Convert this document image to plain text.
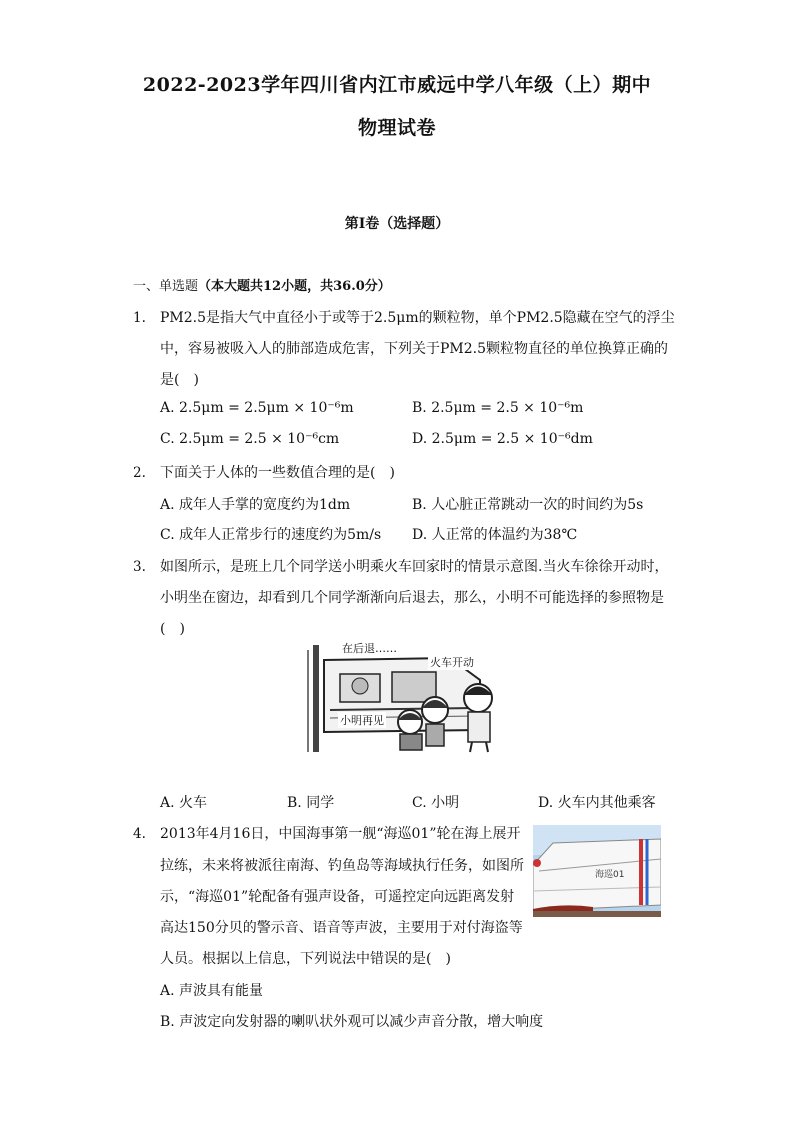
2022-2023学年四川省内江市威远中学八年级（上）期中
物理试卷
第I卷（选择题）
一、单选题（本大题共12小题，共36.0分）
1. PM2.5是指大气中直径小于或等于2.5μm的颗粒物，单个PM2.5隐藏在空气的浮尘
中，容易被吸入人的肺部造成危害，下列关于PM2.5颗粒物直径的单位换算正确的
是(　)
A. 2.5μm = 2.5μm × 10⁻⁶m	B. 2.5μm = 2.5 × 10⁻⁶m
C. 2.5μm = 2.5 × 10⁻⁶cm	D. 2.5μm = 2.5 × 10⁻⁶dm
2. 下面关于人体的一些数值合理的是(　)
A. 成年人手掌的宽度约为1dm	B. 人心脏正常跳动一次的时间约为5s
C. 成年人正常步行的速度约为5m/s D. 人正常的体温约为38℃
3. 如图所示，是班上几个同学送小明乘火车回家时的情景示意图.当火车徐徐开动时，
小明坐在窗边，却看到几个同学渐渐向后退去，那么，小明不可能选择的参照物是
(　)
在后退……
火车开动
小明再见
A. 火车	B. 同学	C. 小明	D. 火车内其他乘客
4. 2013年4月16日，中国海事第一舰“海巡01”轮在海上展开
拉练，未来将被派往南海、钓鱼岛等海域执行任务，如图所
示，“海巡01”轮配备有强声设备，可遥控定向远距离发射
高达150分贝的警示音、语音等声波，主要用于对付海盗等
人员。根据以上信息，下列说法中错误的是(　)
海巡01
A. 声波具有能量
B. 声波定向发射器的喇叭状外观可以减少声音分散，增大响度
